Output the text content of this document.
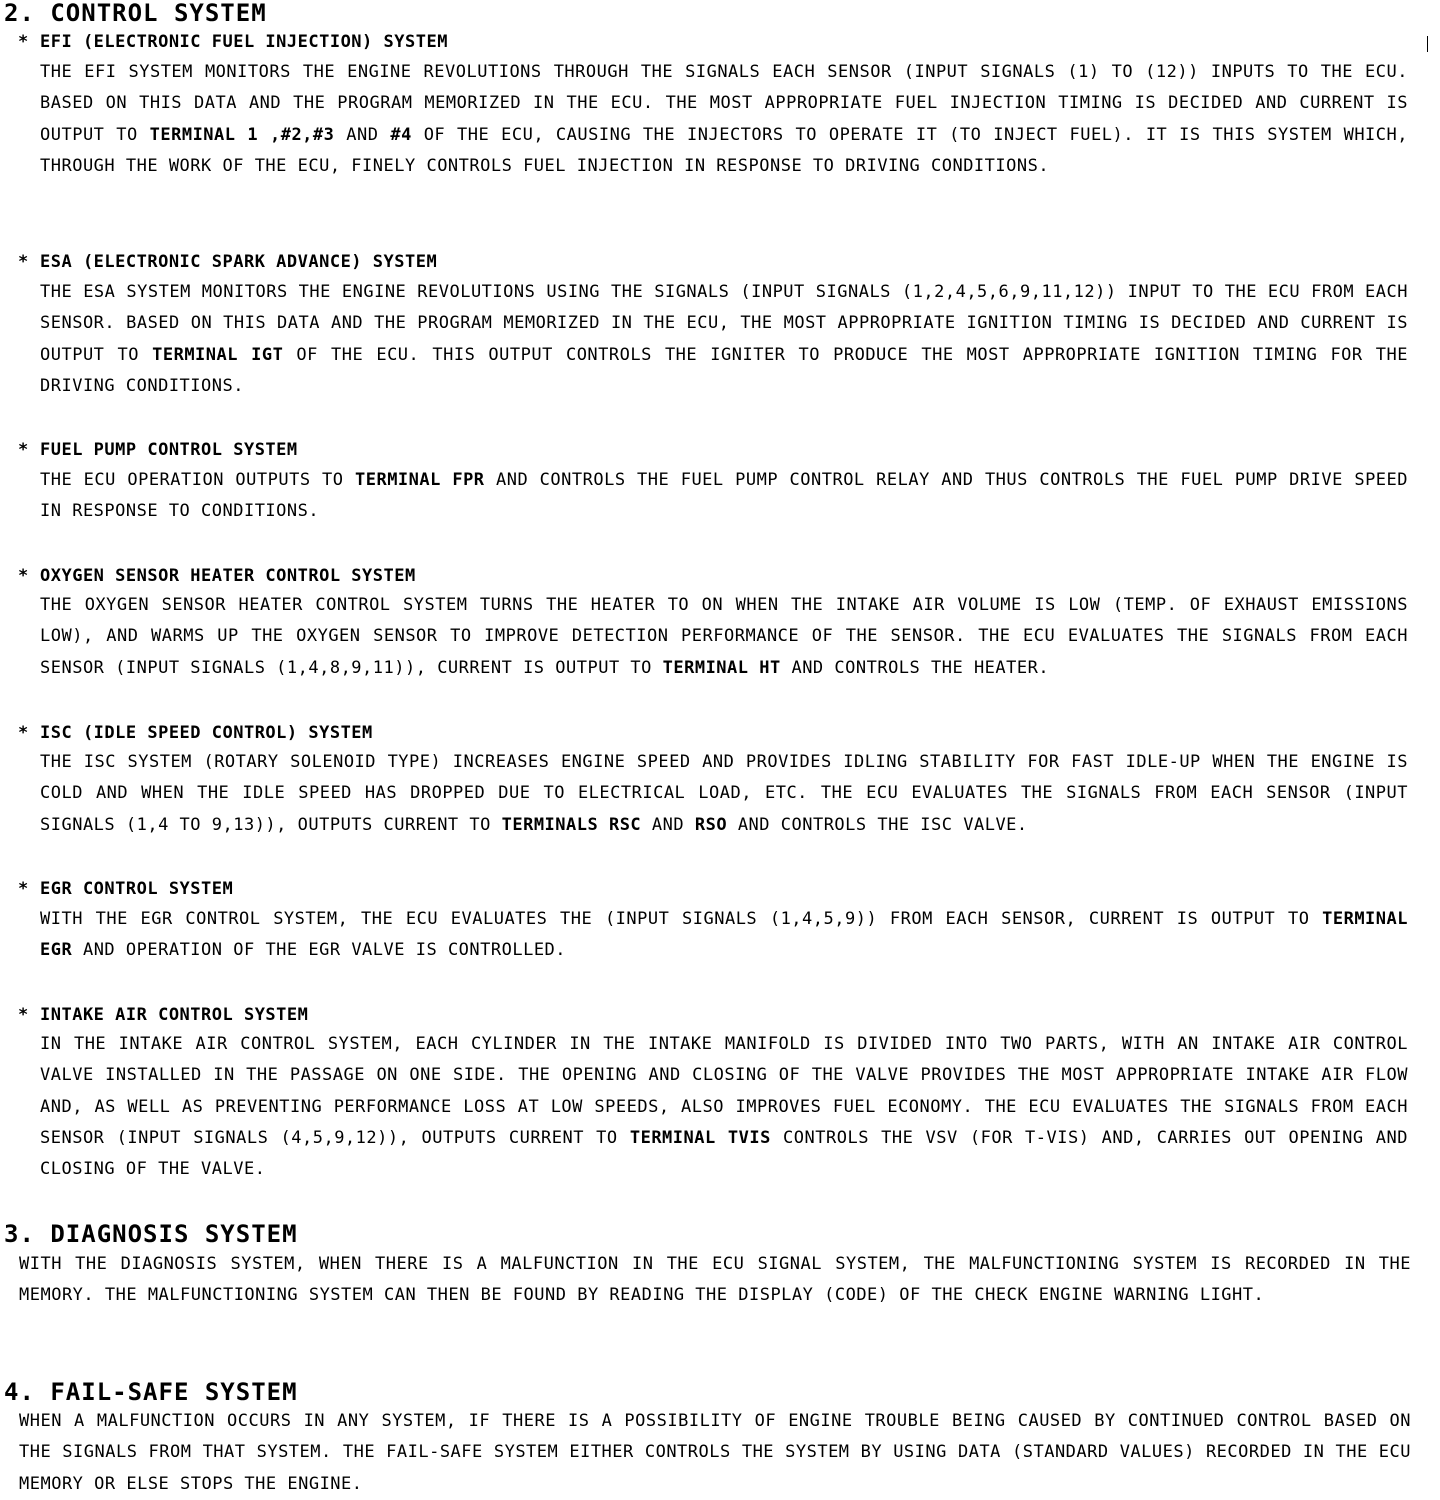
2. CONTROL SYSTEM
* EFI (ELECTRONIC FUEL INJECTION) SYSTEM

THE EFI SYSTEM MONITORS THE ENGINE REVOLUTIONS THROUGH THE SIGNALS EACH SENSOR (INPUT SIGNALS (1) TO (12)) INPUTS TO THE ECU. BASED ON THIS DATA AND THE PROGRAM MEMORIZED IN THE ECU. THE MOST APPROPRIATE FUEL INJECTION TIMING IS DECIDED AND CURRENT IS OUTPUT TO TERMINAL 1 ,#2,#3 AND #4 OF THE ECU, CAUSING THE INJECTORS TO OPERATE IT (TO INJECT FUEL). IT IS THIS SYSTEM WHICH, THROUGH THE WORK OF THE ECU, FINELY CONTROLS FUEL INJECTION IN RESPONSE TO DRIVING CONDITIONS.

* ESA (ELECTRONIC SPARK ADVANCE) SYSTEM

THE ESA SYSTEM MONITORS THE ENGINE REVOLUTIONS USING THE SIGNALS (INPUT SIGNALS (1,2,4,5,6,9,11,12)) INPUT TO THE ECU FROM EACH SENSOR. BASED ON THIS DATA AND THE PROGRAM MEMORIZED IN THE ECU, THE MOST APPROPRIATE IGNITION TIMING IS DECIDED AND CURRENT IS OUTPUT TO TERMINAL IGT OF THE ECU. THIS OUTPUT CONTROLS THE IGNITER TO PRODUCE THE MOST APPROPRIATE IGNITION TIMING FOR THE DRIVING CONDITIONS.

* FUEL PUMP CONTROL SYSTEM

THE ECU OPERATION OUTPUTS TO TERMINAL FPR AND CONTROLS THE FUEL PUMP CONTROL RELAY AND THUS CONTROLS THE FUEL PUMP DRIVE SPEED IN RESPONSE TO CONDITIONS.

* OXYGEN SENSOR HEATER CONTROL SYSTEM

THE OXYGEN SENSOR HEATER CONTROL SYSTEM TURNS THE HEATER TO ON WHEN THE INTAKE AIR VOLUME IS LOW (TEMP. OF EXHAUST EMISSIONS LOW), AND WARMS UP THE OXYGEN SENSOR TO IMPROVE DETECTION PERFORMANCE OF THE SENSOR. THE ECU EVALUATES THE SIGNALS FROM EACH SENSOR (INPUT SIGNALS (1,4,8,9,11)), CURRENT IS OUTPUT TO TERMINAL HT AND CONTROLS THE HEATER.

* ISC (IDLE SPEED CONTROL) SYSTEM

THE ISC SYSTEM (ROTARY SOLENOID TYPE) INCREASES ENGINE SPEED AND PROVIDES IDLING STABILITY FOR FAST IDLE-UP WHEN THE ENGINE IS COLD AND WHEN THE IDLE SPEED HAS DROPPED DUE TO ELECTRICAL LOAD, ETC. THE ECU EVALUATES THE SIGNALS FROM EACH SENSOR (INPUT SIGNALS (1,4 TO 9,13)), OUTPUTS CURRENT TO TERMINALS RSC AND RSO AND CONTROLS THE ISC VALVE.

* EGR CONTROL SYSTEM

WITH THE EGR CONTROL SYSTEM, THE ECU EVALUATES THE (INPUT SIGNALS (1,4,5,9)) FROM EACH SENSOR, CURRENT IS OUTPUT TO TERMINAL EGR AND OPERATION OF THE EGR VALVE IS CONTROLLED.

* INTAKE AIR CONTROL SYSTEM

IN THE INTAKE AIR CONTROL SYSTEM, EACH CYLINDER IN THE INTAKE MANIFOLD IS DIVIDED INTO TWO PARTS, WITH AN INTAKE AIR CONTROL VALVE INSTALLED IN THE PASSAGE ON ONE SIDE. THE OPENING AND CLOSING OF THE VALVE PROVIDES THE MOST APPROPRIATE INTAKE AIR FLOW AND, AS WELL AS PREVENTING PERFORMANCE LOSS AT LOW SPEEDS, ALSO IMPROVES FUEL ECONOMY. THE ECU EVALUATES THE SIGNALS FROM EACH SENSOR (INPUT SIGNALS (4,5,9,12)), OUTPUTS CURRENT TO TERMINAL TVIS CONTROLS THE VSV (FOR T-VIS) AND, CARRIES OUT OPENING AND CLOSING OF THE VALVE.

3. DIAGNOSIS SYSTEM

WITH THE DIAGNOSIS SYSTEM, WHEN THERE IS A MALFUNCTION IN THE ECU SIGNAL SYSTEM, THE MALFUNCTIONING SYSTEM IS RECORDED IN THE MEMORY. THE MALFUNCTIONING SYSTEM CAN THEN BE FOUND BY READING THE DISPLAY (CODE) OF THE CHECK ENGINE WARNING LIGHT.

4. FAIL-SAFE SYSTEM

WHEN A MALFUNCTION OCCURS IN ANY SYSTEM, IF THERE IS A POSSIBILITY OF ENGINE TROUBLE BEING CAUSED BY CONTINUED CONTROL BASED ON THE SIGNALS FROM THAT SYSTEM. THE FAIL-SAFE SYSTEM EITHER CONTROLS THE SYSTEM BY USING DATA (STANDARD VALUES) RECORDED IN THE ECU MEMORY OR ELSE STOPS THE ENGINE.
